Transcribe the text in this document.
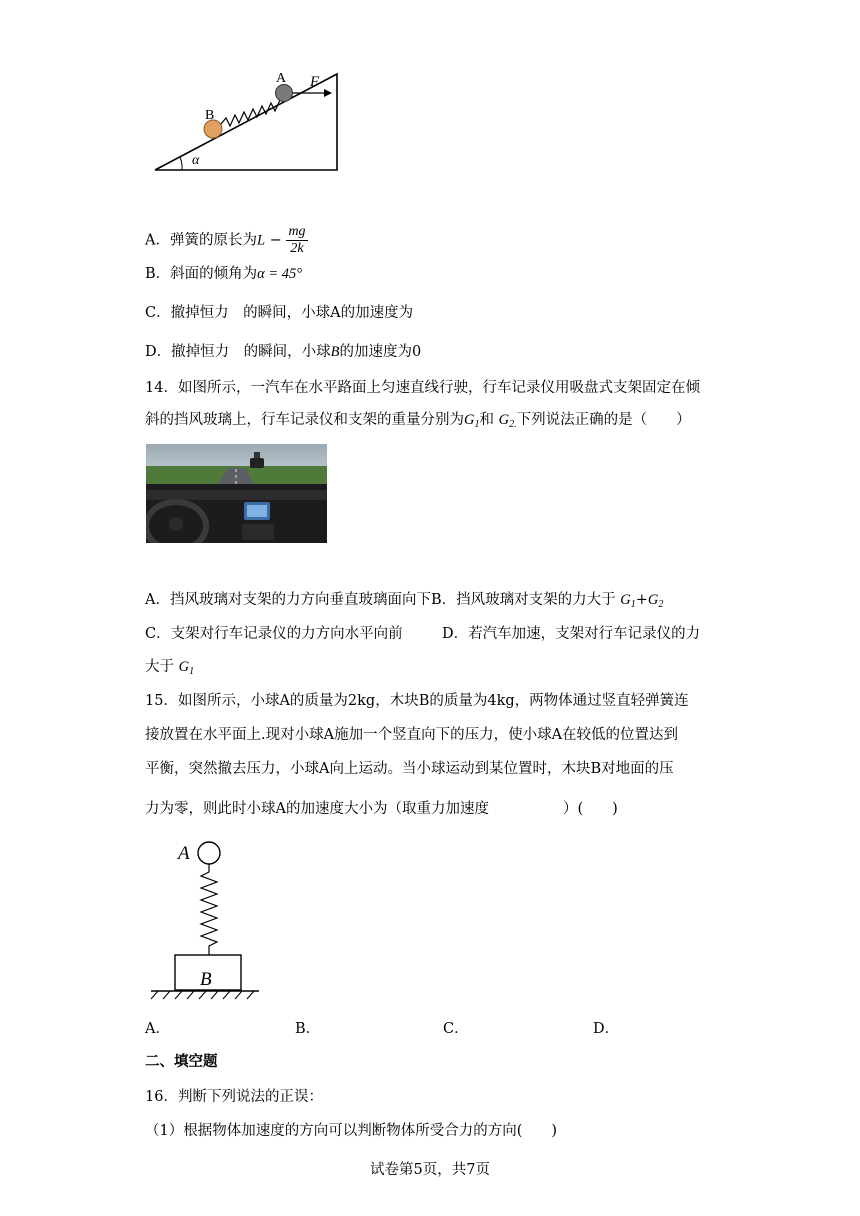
A
B
F
α
A．弹簧的原长为$L - \frac{mg}{2k}$
B．斜面的倾角为α = 45°
C．撤掉恒力　的瞬间，小球A的加速度为
D．撤掉恒力　的瞬间，小球B的加速度为0
14．如图所示，一汽车在水平路面上匀速直线行驶，行车记录仪用吸盘式支架固定在倾
斜的挡风玻璃上，行车记录仪和支架的重量分别为$G_1$和 $G_{2.}$下列说法正确的是（　　）
A．挡风玻璃对支架的力方向垂直玻璃面向下B．挡风玻璃对支架的力大于 $G_1+G_2$
C．支架对行车记录仪的力方向水平向前	D．若汽车加速，支架对行车记录仪的力
大于 $G_1$
15．如图所示，小球A的质量为2kg，木块B的质量为4kg，两物体通过竖直轻弹簧连
接放置在水平面上.现对小球A施加一个竖直向下的压力，使小球A在较低的位置达到
平衡，突然撤去压力，小球A向上运动。当小球运动到某位置时，木块B对地面的压
力为零，则此时小球A的加速度大小为（取重力加速度	）(　　)
A
B
A．	B．	C．	D．
二、填空题
16．判断下列说法的正误：
（1）根据物体加速度的方向可以判断物体所受合力的方向(　　)
试卷第5页，共7页
